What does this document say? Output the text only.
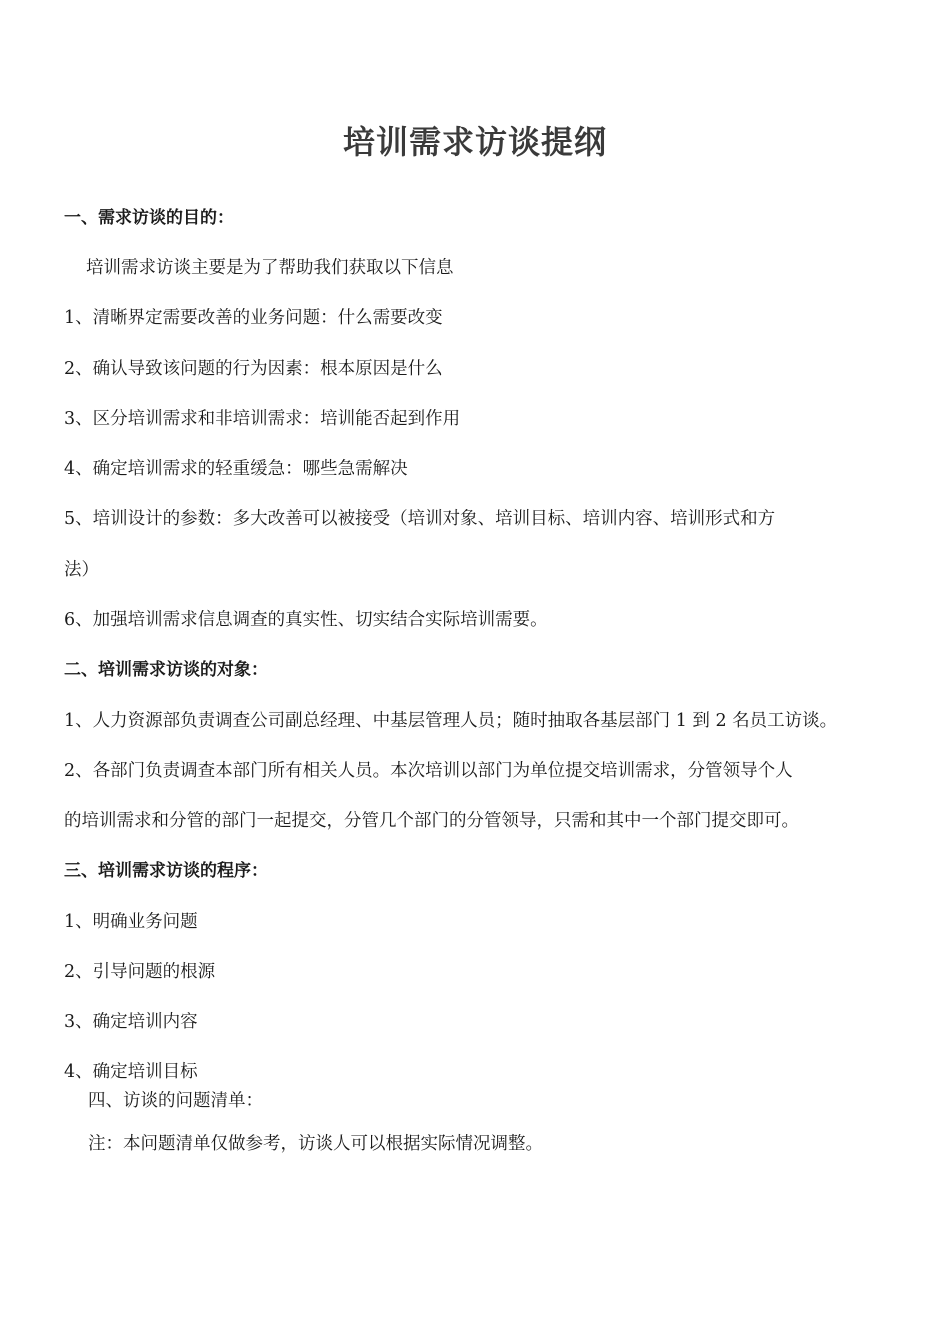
培训需求访谈提纲
一、需求访谈的目的：
培训需求访谈主要是为了帮助我们获取以下信息
1、清晰界定需要改善的业务问题：什么需要改变
2、确认导致该问题的行为因素：根本原因是什么
3、区分培训需求和非培训需求：培训能否起到作用
4、确定培训需求的轻重缓急：哪些急需解决
5、培训设计的参数：多大改善可以被接受（培训对象、培训目标、培训内容、培训形式和方
法）
6、加强培训需求信息调查的真实性、切实结合实际培训需要。
二、培训需求访谈的对象：
1、人力资源部负责调查公司副总经理、中基层管理人员；随时抽取各基层部门 1 到 2 名员工访谈。
2、各部门负责调查本部门所有相关人员。本次培训以部门为单位提交培训需求，分管领导个人
的培训需求和分管的部门一起提交，分管几个部门的分管领导，只需和其中一个部门提交即可。
三、培训需求访谈的程序：
1、明确业务问题
2、引导问题的根源
3、确定培训内容
4、确定培训目标
四、访谈的问题清单：
注：本问题清单仅做参考，访谈人可以根据实际情况调整。
